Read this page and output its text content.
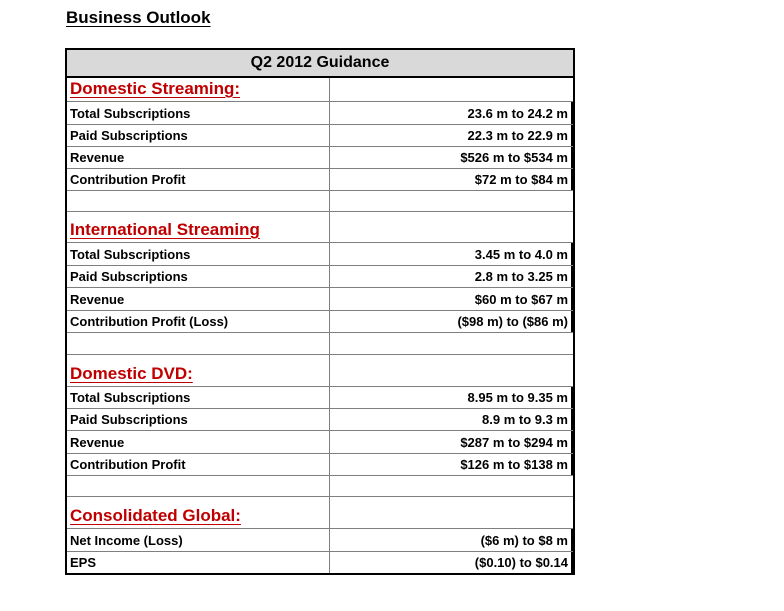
Business Outlook
Q2 2012 Guidance
Domestic Streaming:
Total Subscriptions	23.6 m to 24.2 m
Paid Subscriptions	22.3 m to 22.9 m
Revenue	$526 m to $534 m
Contribution Profit	$72 m to $84 m
International Streaming
Total Subscriptions	3.45 m to 4.0 m
Paid Subscriptions	2.8 m to 3.25 m
Revenue	$60 m to $67 m
Contribution Profit (Loss)	($98 m) to ($86 m)
Domestic DVD:
Total Subscriptions	8.95 m to 9.35 m
Paid Subscriptions	8.9 m to 9.3 m
Revenue	$287 m to $294 m
Contribution Profit	$126 m to $138 m
Consolidated Global:
Net Income (Loss)	($6 m) to $8 m
EPS	($0.10) to $0.14
